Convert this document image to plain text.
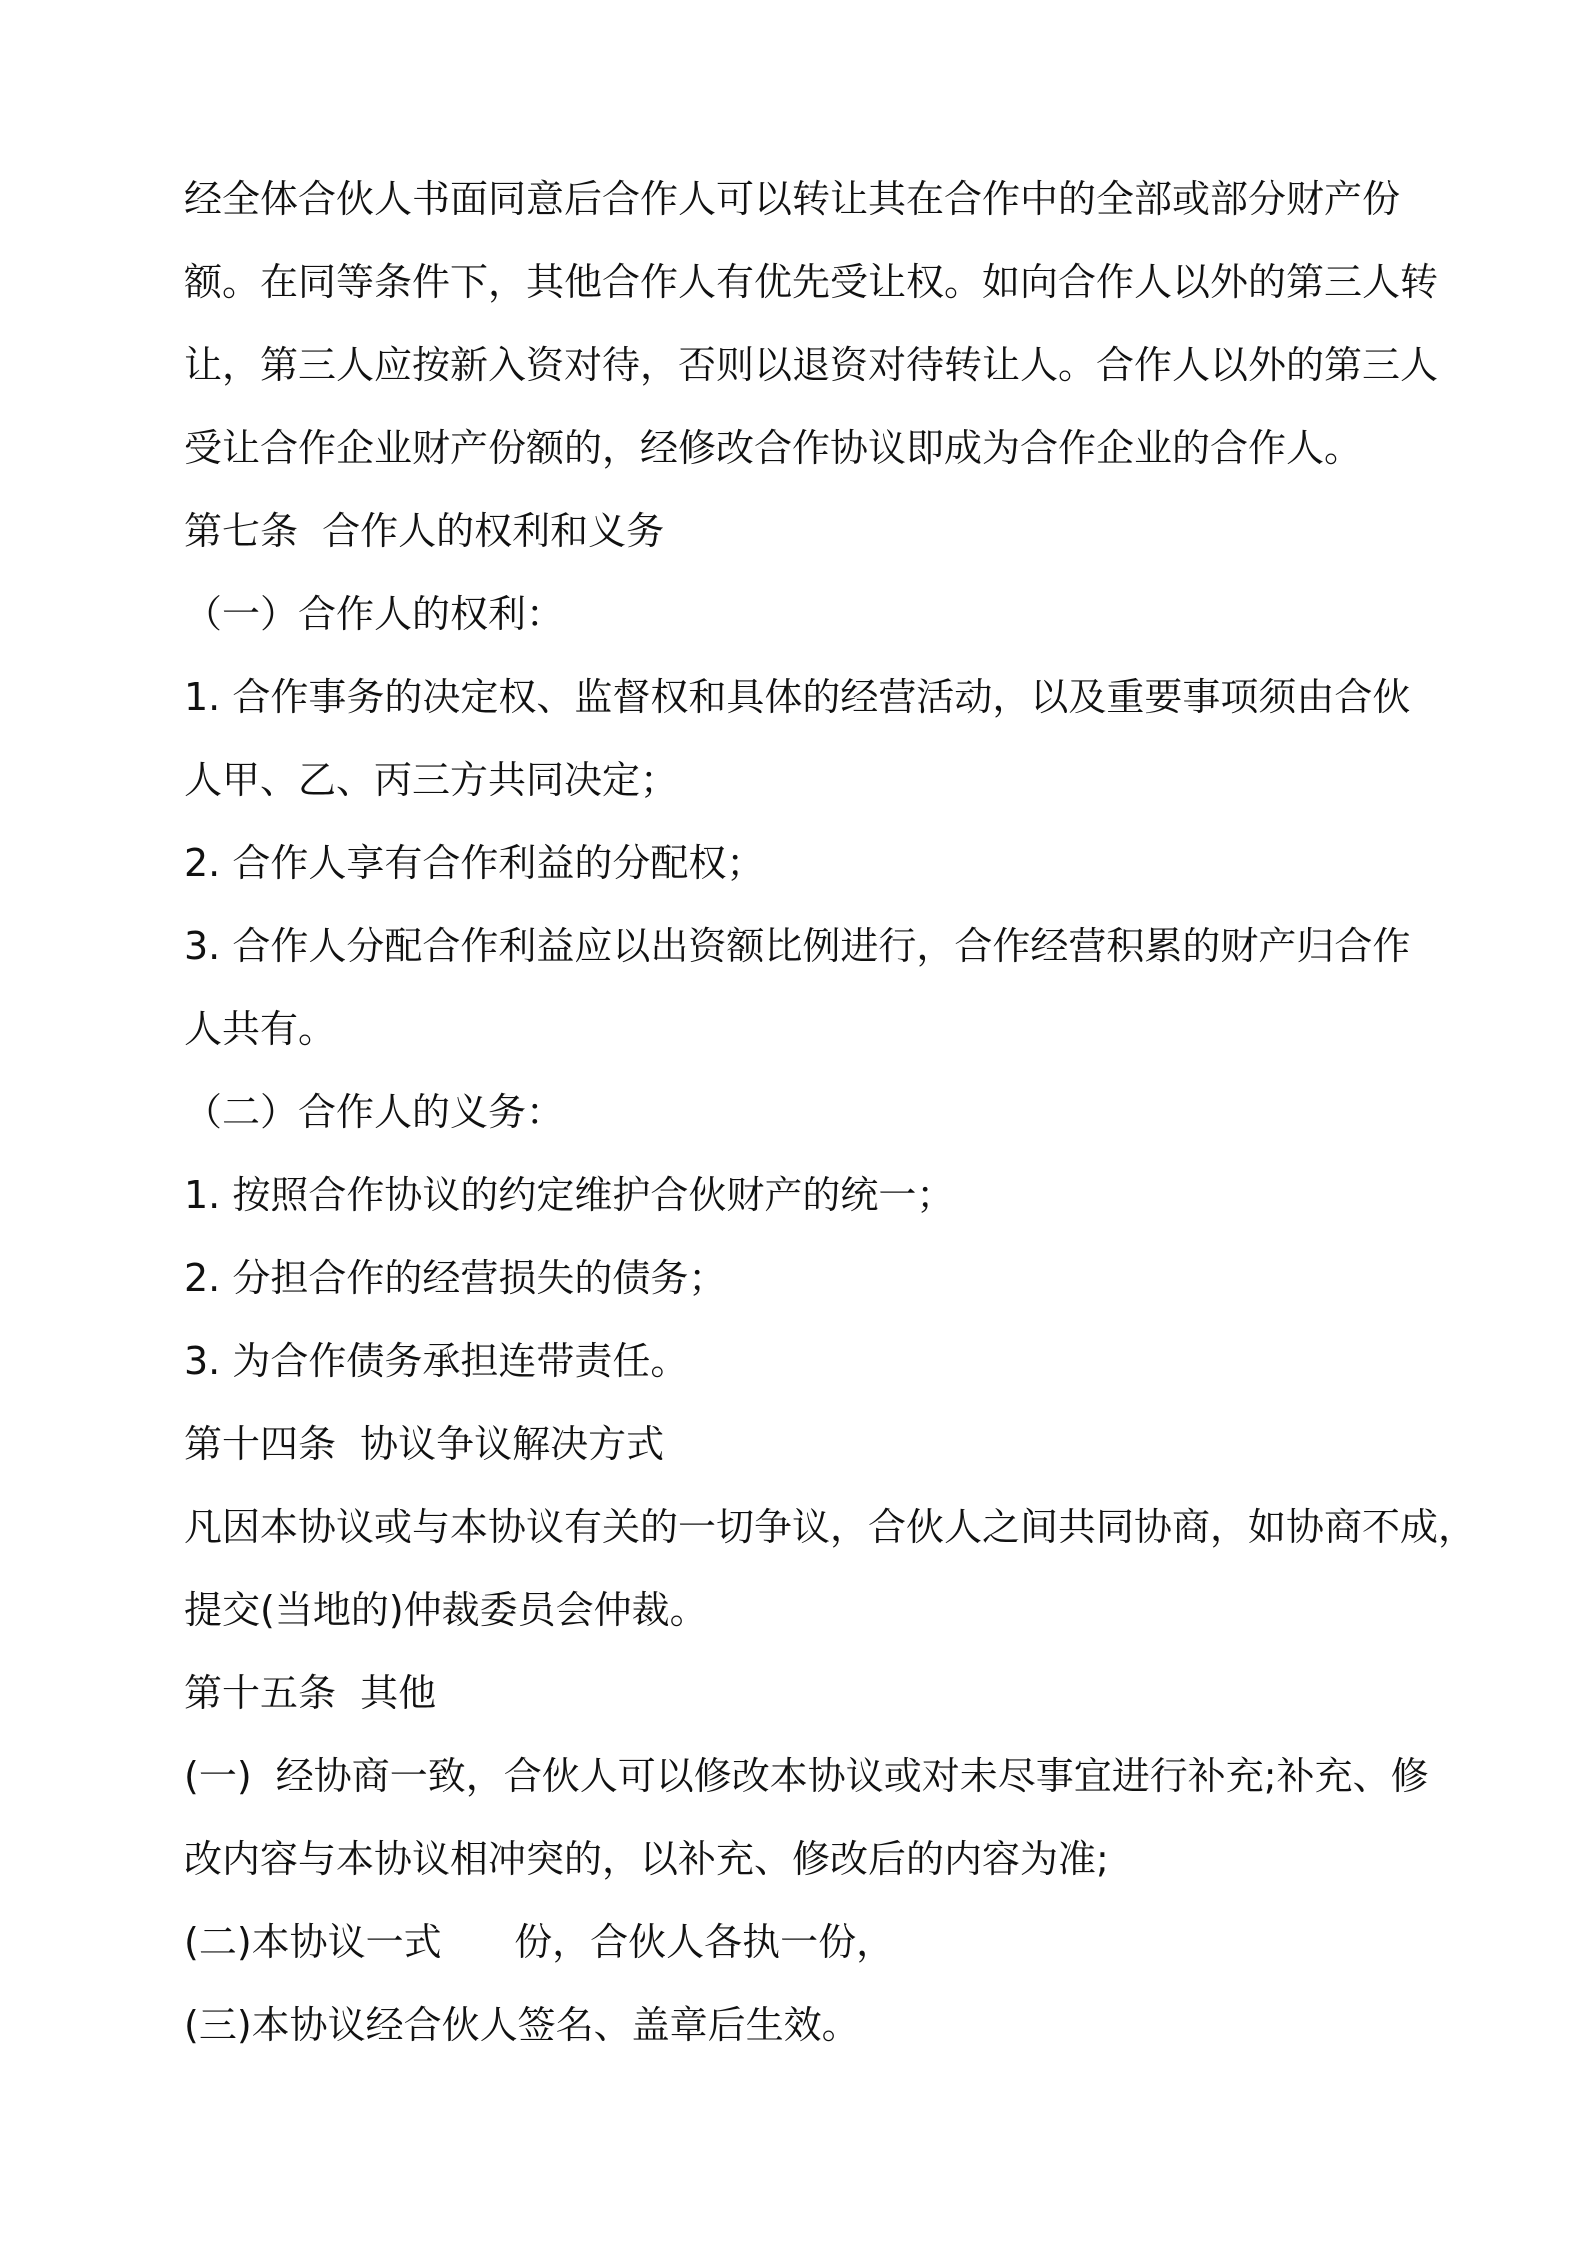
经全体合伙人书面同意后合作人可以转让其在合作中的全部或部分财产份
额。在同等条件下，其他合作人有优先受让权。如向合作人以外的第三人转
让，第三人应按新入资对待，否则以退资对待转让人。合作人以外的第三人
受让合作企业财产份额的，经修改合作协议即成为合作企业的合作人。
第七条  合作人的权利和义务
（一）合作人的权利：
1. 合作事务的决定权、监督权和具体的经营活动，以及重要事项须由合伙
人甲、乙、丙三方共同决定；
2. 合作人享有合作利益的分配权；
3. 合作人分配合作利益应以出资额比例进行，合作经营积累的财产归合作
人共有。
（二）合作人的义务：
1. 按照合作协议的约定维护合伙财产的统一；
2. 分担合作的经营损失的债务；
3. 为合作债务承担连带责任。
第十四条  协议争议解决方式
凡因本协议或与本协议有关的一切争议，合伙人之间共同协商，如协商不成，
提交(当地的)仲裁委员会仲裁。
第十五条  其他
(一)  经协商一致，合伙人可以修改本协议或对未尽事宜进行补充;补充、修
改内容与本协议相冲突的，以补充、修改后的内容为准;
(二)本协议一式      份，合伙人各执一份，
(三)本协议经合伙人签名、盖章后生效。
